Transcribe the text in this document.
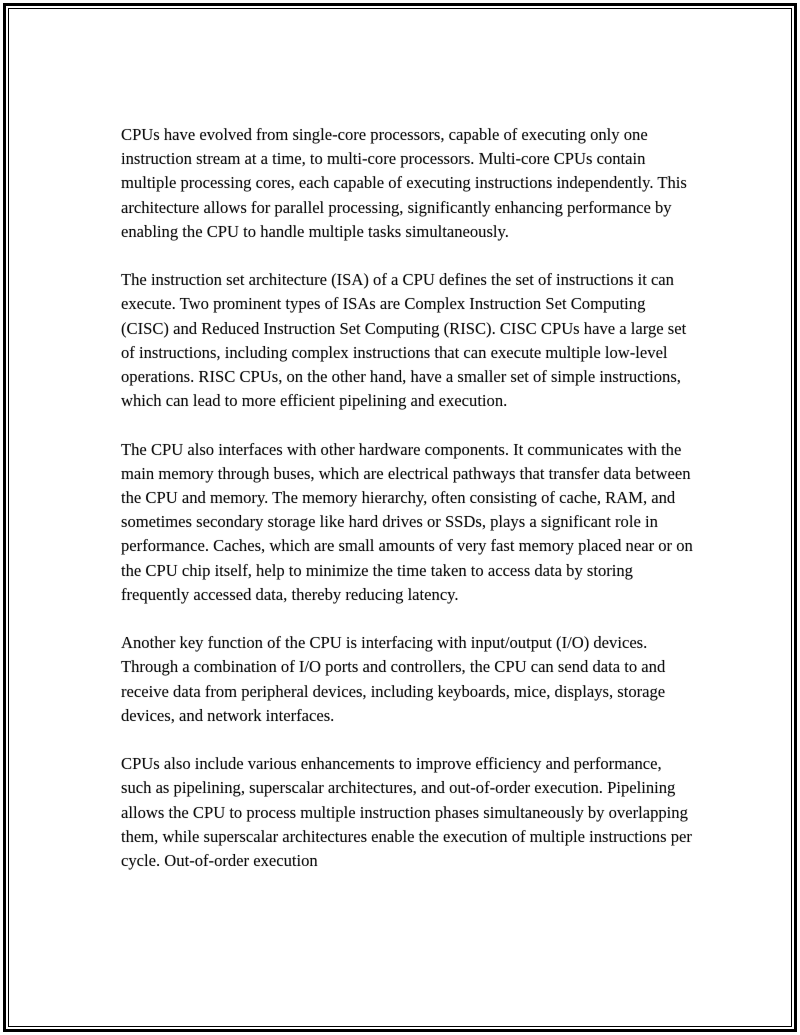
CPUs have evolved from single-core processors, capable of executing only one instruction stream at a time, to multi-core processors. Multi-core CPUs contain multiple processing cores, each capable of executing instructions independently. This architecture allows for parallel processing, significantly enhancing performance by enabling the CPU to handle multiple tasks simultaneously.

The instruction set architecture (ISA) of a CPU defines the set of instructions it can execute. Two prominent types of ISAs are Complex Instruction Set Computing (CISC) and Reduced Instruction Set Computing (RISC). CISC CPUs have a large set of instructions, including complex instructions that can execute multiple low-level operations. RISC CPUs, on the other hand, have a smaller set of simple instructions, which can lead to more efficient pipelining and execution.

The CPU also interfaces with other hardware components. It communicates with the main memory through buses, which are electrical pathways that transfer data between the CPU and memory. The memory hierarchy, often consisting of cache, RAM, and sometimes secondary storage like hard drives or SSDs, plays a significant role in performance. Caches, which are small amounts of very fast memory placed near or on the CPU chip itself, help to minimize the time taken to access data by storing frequently accessed data, thereby reducing latency.

Another key function of the CPU is interfacing with input/output (I/O) devices. Through a combination of I/O ports and controllers, the CPU can send data to and receive data from peripheral devices, including keyboards, mice, displays, storage devices, and network interfaces.

CPUs also include various enhancements to improve efficiency and performance, such as pipelining, superscalar architectures, and out-of-order execution. Pipelining allows the CPU to process multiple instruction phases simultaneously by overlapping them, while superscalar architectures enable the execution of multiple instructions per cycle. Out-of-order execution
